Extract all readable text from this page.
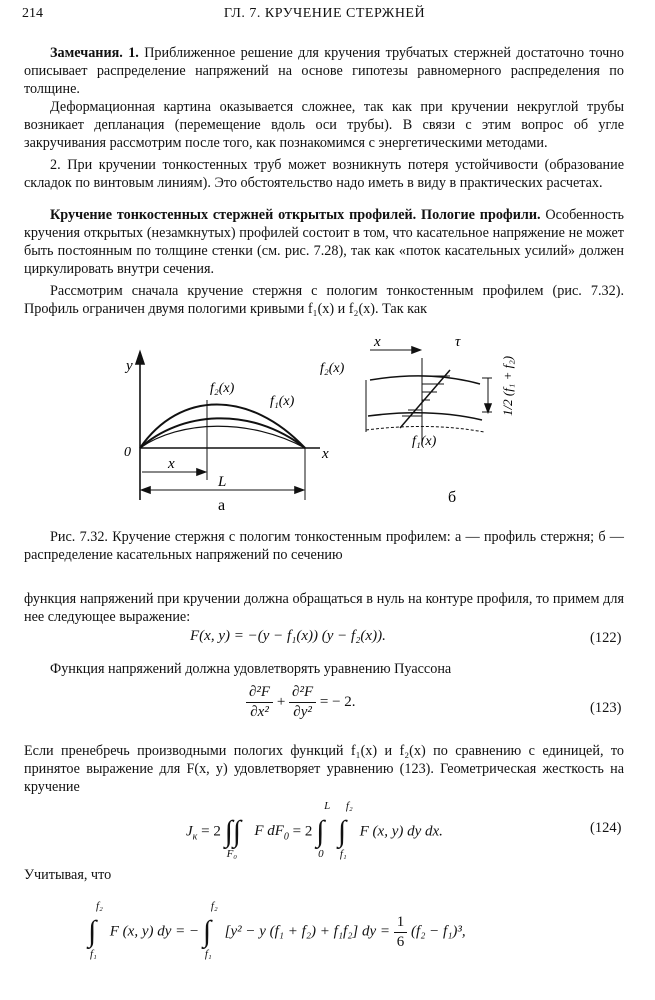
214	ГЛ. 7. КРУЧЕНИЕ СТЕРЖНЕЙ
Замечания. 1. Приближенное решение для кручения трубчатых стержней достаточно точно описывает распределение напряжений на основе гипотезы равномерного распределения по толщине.
Деформационная картина оказывается сложнее, так как при кручении некруглой трубы возникает депланация (перемещение вдоль оси трубы). В связи с этим вопрос об угле закручивания рассмотрим после того, как познакомимся с энергетическими методами.
2. При кручении тонкостенных труб может возникнуть потеря устойчивости (образование складок по винтовым линиям). Это обстоятельство надо иметь в виду в практических расчетах.
Кручение тонкостенных стержней открытых профилей. Пологие профили. Особенность кручения открытых (незамкнутых) профилей состоит в том, что касательное напряжение не может быть постоянным по толщине стенки (см. рис. 7.28), так как «поток касательных усилий» должен циркулировать внутри сечения.
Рассмотрим сначала кручение стержня с пологим тонкостенным профилем (рис. 7.32). Профиль ограничен двумя пологими кривыми f₁(x) и f₂(x). Так как
y
0	x
f₂(x)
f₁(x)
x
L
а
x
f₂(x)
τ
f₁(x)
1/2 (f₁ + f₂)
б
Рис. 7.32. Кручение стержня с пологим тонкостенным профилем: а — профиль стержня; б — распределение касательных напряжений по сечению
функция напряжений при кручении должна обращаться в нуль на контуре профиля, то примем для нее следующее выражение:
F(x, y) = −(y − f₁(x)) (y − f₂(x)).	(122)
Функция напряжений должна удовлетворять уравнению Пуассона
$\frac{\text{∂²F}}{\text{∂x²}} + \frac{\text{∂²F}}{\text{∂y²}}$ = − 2.	(123)
Если пренебречь производными пологих функций f₁(x) и f₂(x) по сравнению с единицей, то принятое выражение для F(x, y) удовлетворяет уравнению (123). Геометрическая жесткость на кручение
$J_к = 2$ ∫∫
F₀
F $dF_0 = 2$ ∫
L
0

∫
f₂
f₁
F (x, y) dy dx.	(124)
Учитывая, что
∫
f₂
f₁
F (x, y) dy = − ∫
f₂
f₁
[y² − y (f₁ + f₂) + f₁f₂] dy = $\frac{1}{6} (f_2 - f_1)^3$,
